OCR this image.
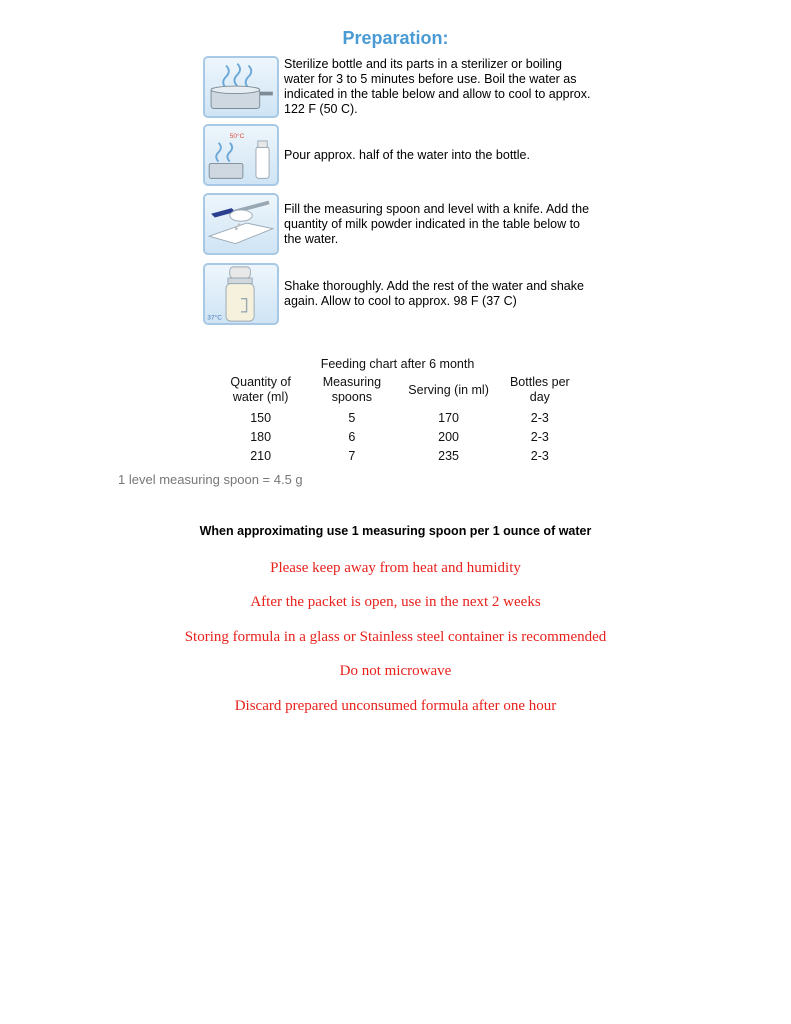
Preparation:
Sterilize bottle and its parts in a sterilizer or boiling water for 3 to 5 minutes before use. Boil the water as indicated in the table below and allow to cool to approx. 122 F (50 C).
50°C
Pour approx. half of the water into the bottle.
Fill the measuring spoon and level with a knife. Add the quantity of milk powder indicated in the table below to the water.
37°C
Shake thoroughly. Add the rest of the water and shake again. Allow to cool to approx. 98 F (37 C)
Feeding chart after 6 month
Quantity of water (ml)	Measuring spoons	Serving (in ml)	Bottles per day
150	5	170	2-3
180	6	200	2-3
210	7	235	2-3
1 level measuring spoon = 4.5 g
When approximating use 1 measuring spoon per 1 ounce of water
Please keep away from heat and humidity
After the packet is open, use in the next 2 weeks
Storing formula in a glass or Stainless steel container is recommended
Do not microwave
Discard prepared unconsumed formula after one hour
